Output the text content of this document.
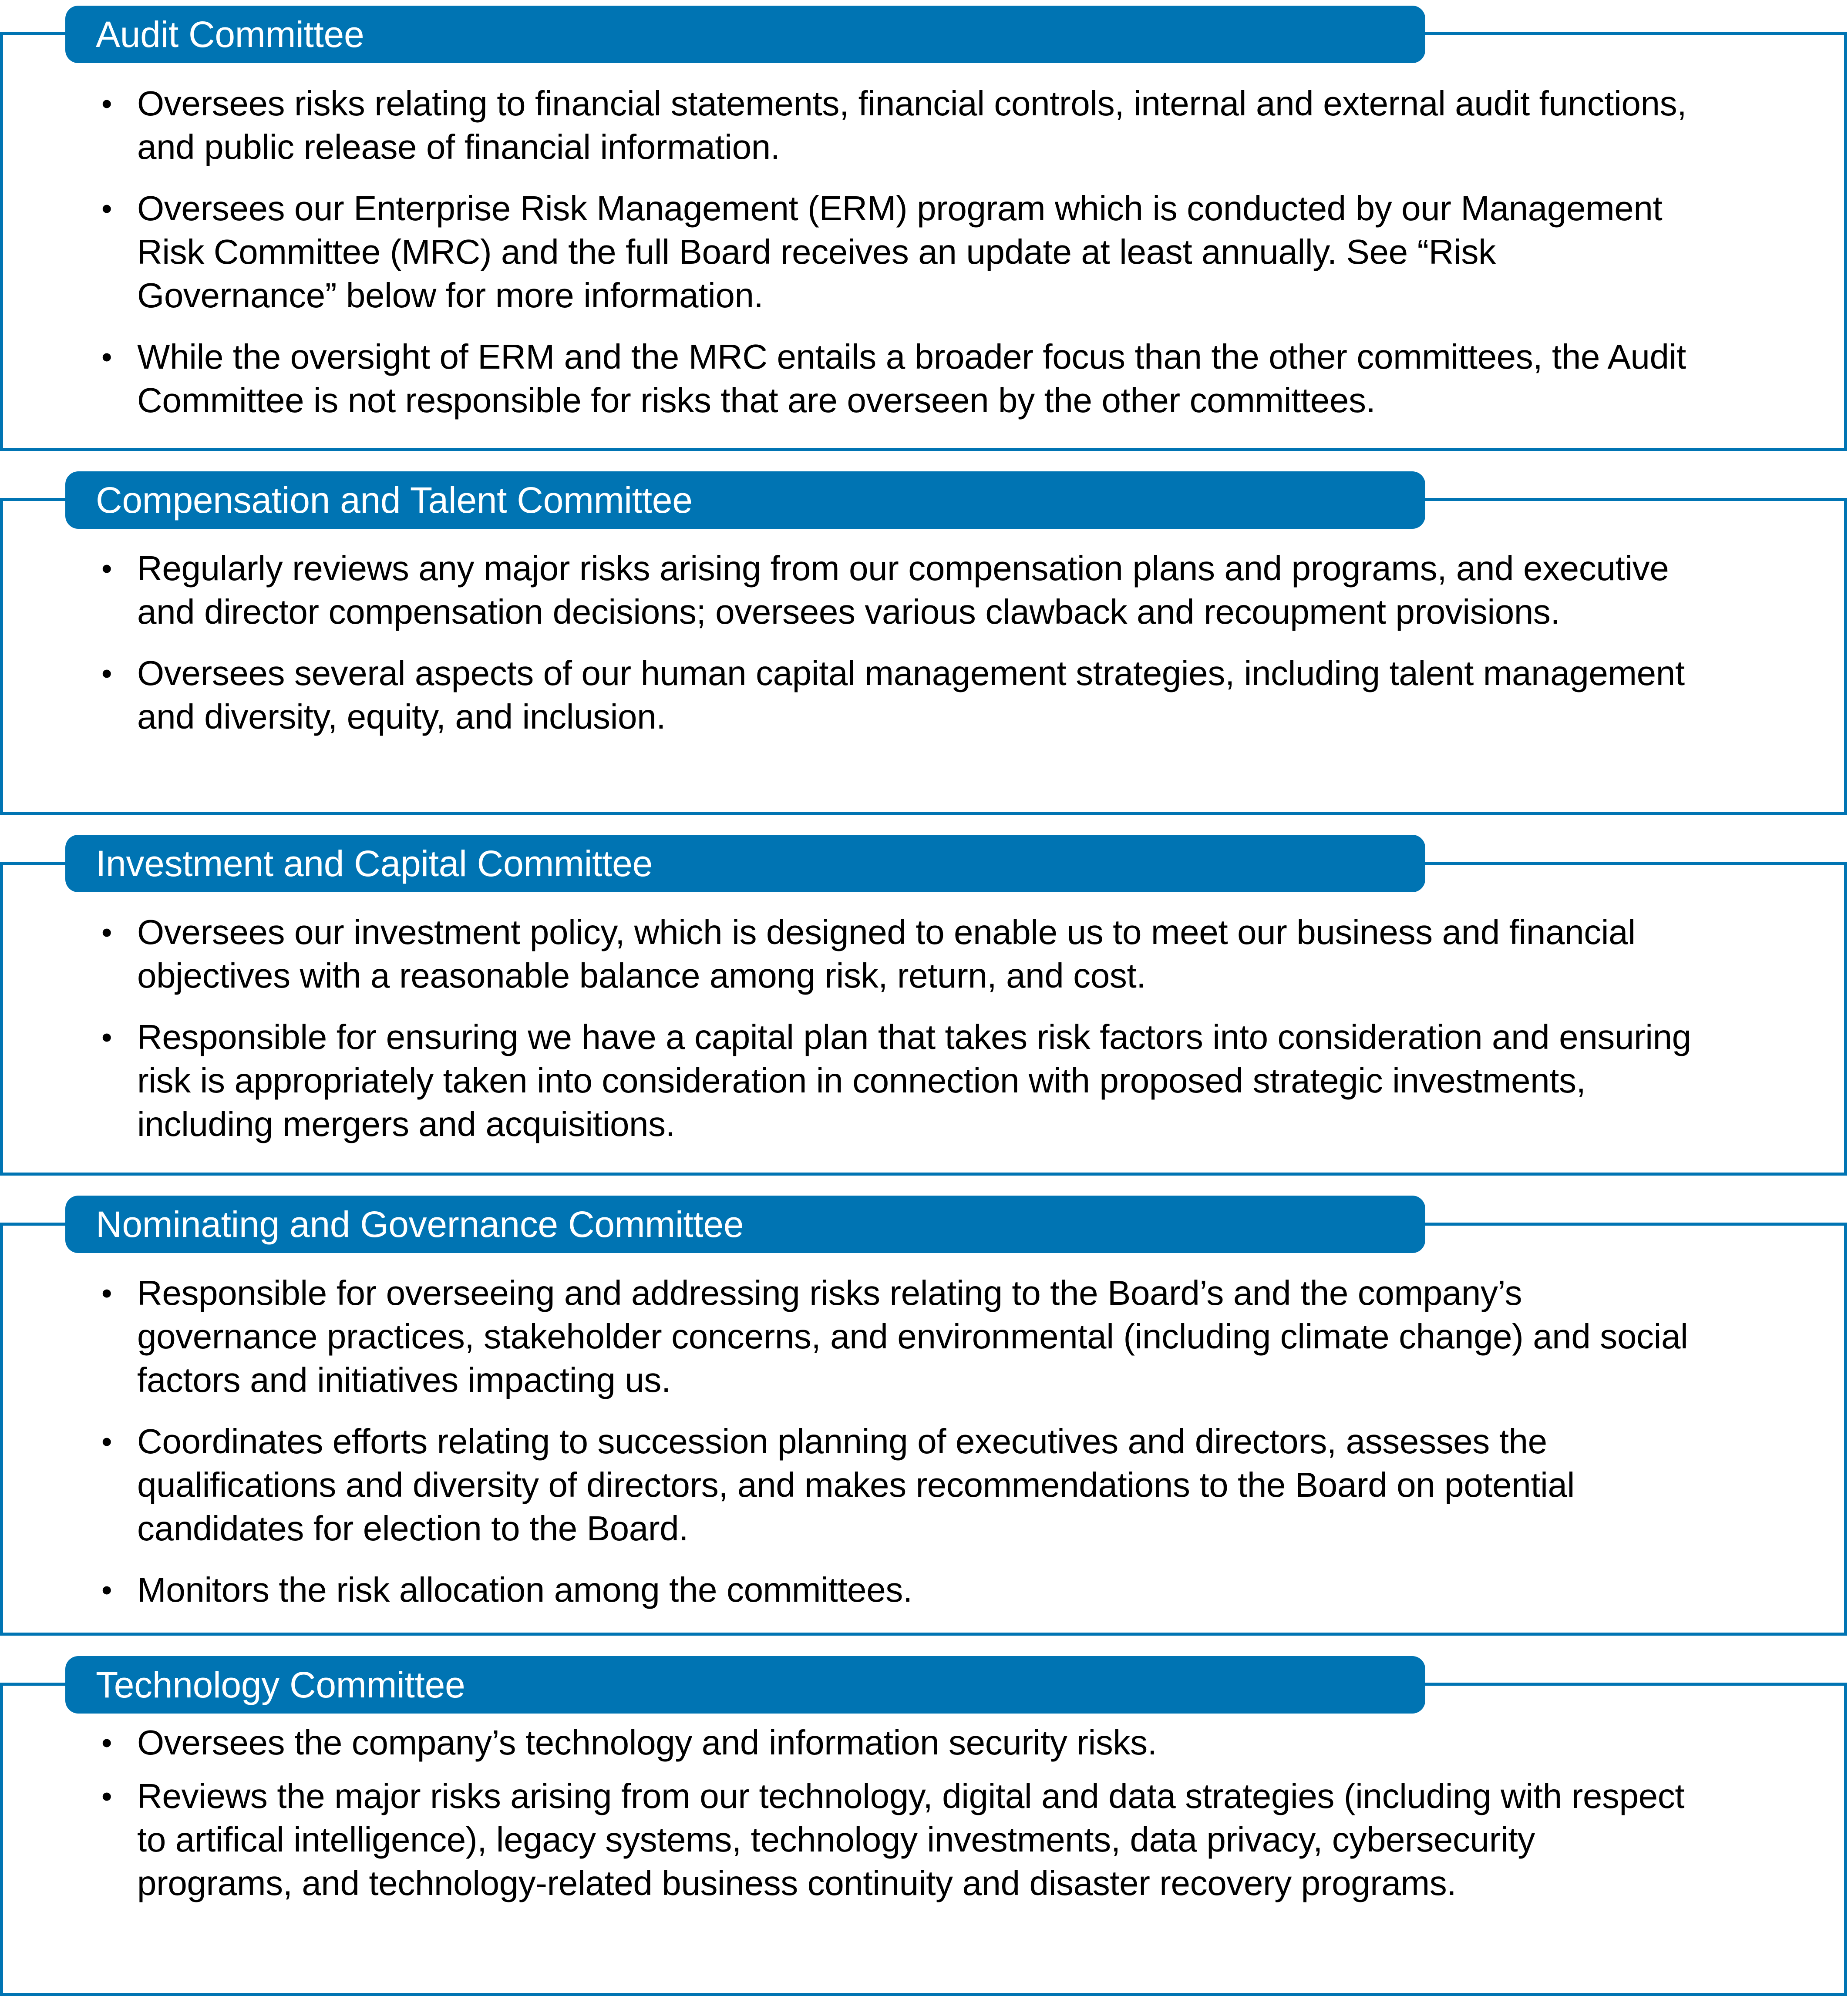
Audit Committee
• Oversees risks relating to financial statements, financial controls, internal and external audit functions, and public release of financial information.
• Oversees our Enterprise Risk Management (ERM) program which is conducted by our Management Risk Committee (MRC) and the full Board receives an update at least annually. See “Risk Governance” below for more information.
• While the oversight of ERM and the MRC entails a broader focus than the other committees, the Audit Committee is not responsible for risks that are overseen by the other committees.
Compensation and Talent Committee
• Regularly reviews any major risks arising from our compensation plans and programs, and executive and director compensation decisions; oversees various clawback and recoupment provisions.
• Oversees several aspects of our human capital management strategies, including talent management and diversity, equity, and inclusion.
Investment and Capital Committee
• Oversees our investment policy, which is designed to enable us to meet our business and financial objectives with a reasonable balance among risk, return, and cost.
• Responsible for ensuring we have a capital plan that takes risk factors into consideration and ensuring risk is appropriately taken into consideration in connection with proposed strategic investments, including mergers and acquisitions.
Nominating and Governance Committee
• Responsible for overseeing and addressing risks relating to the Board’s and the company’s governance practices, stakeholder concerns, and environmental (including climate change) and social factors and initiatives impacting us.
• Coordinates efforts relating to succession planning of executives and directors, assesses the qualifications and diversity of directors, and makes recommendations to the Board on potential candidates for election to the Board.
• Monitors the risk allocation among the committees.
Technology Committee
• Oversees the company’s technology and information security risks.
• Reviews the major risks arising from our technology, digital and data strategies (including with respect to artifical intelligence), legacy systems, technology investments, data privacy, cybersecurity programs, and technology-related business continuity and disaster recovery programs.
